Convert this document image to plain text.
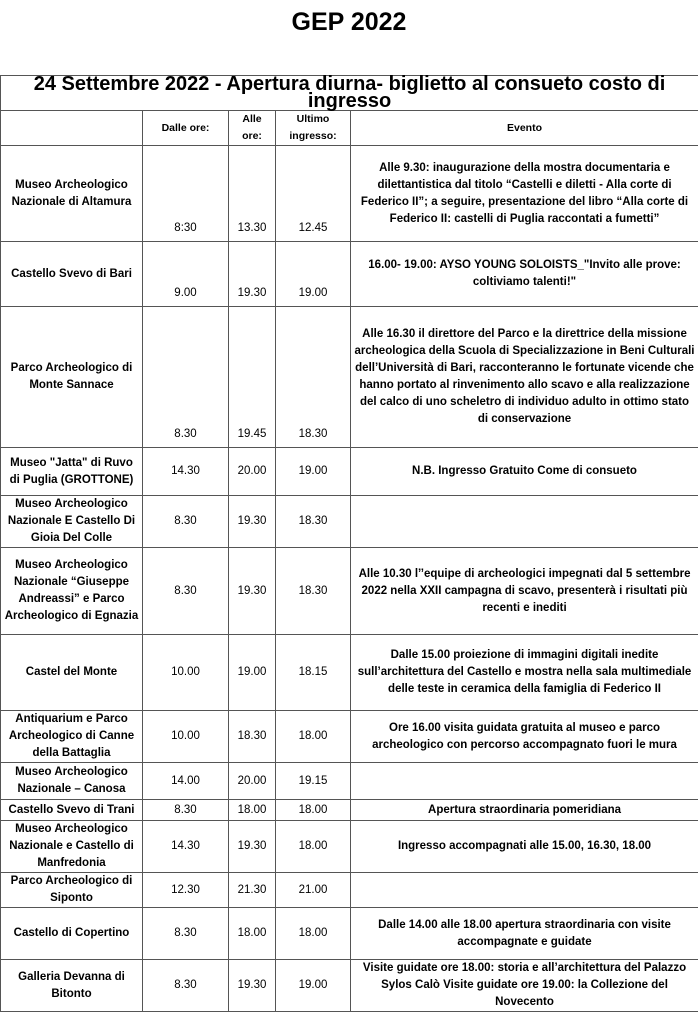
GEP 2022
24 Settembre 2022 - Apertura diurna- biglietto al consueto costo di ingresso				
	Dalle ore:	Alle ore:	Ultimo ingresso:	Evento
Museo Archeologico Nazionale di Altamura	8:30	13.30	12.45	Alle 9.30: inaugurazione della mostra documentaria e dilettantistica dal titolo “Castelli e diletti - Alla corte di Federico II”; a seguire, presentazione del libro “Alla corte di Federico II: castelli di Puglia raccontati a fumetti”
Castello Svevo di Bari	9.00	19.30	19.00	16.00- 19.00: AYSO YOUNG SOLOISTS_"Invito alle prove: coltiviamo talenti!"
Parco Archeologico di Monte Sannace	8.30	19.45	18.30	Alle 16.30 il direttore del Parco e la direttrice della missione archeologica della Scuola di Specializzazione in Beni Culturali dell’Università di Bari, racconteranno le fortunate vicende che hanno portato al rinvenimento allo scavo e alla realizzazione del calco di uno scheletro di individuo adulto in ottimo stato di conservazione
Museo "Jatta" di Ruvo di Puglia (GROTTONE)	14.30	20.00	19.00	N.B. Ingresso Gratuito Come di consueto
Museo Archeologico Nazionale E Castello Di Gioia Del Colle	8.30	19.30	18.30	
Museo Archeologico Nazionale “Giuseppe Andreassi” e Parco Archeologico di Egnazia	8.30	19.30	18.30	Alle 10.30 l’’equipe di archeologici impegnati dal 5 settembre 2022 nella XXII campagna di scavo, presenterà i risultati più recenti e inediti
Castel del Monte	10.00	19.00	18.15	Dalle 15.00 proiezione di immagini digitali inedite sull’architettura del Castello e mostra nella sala multimediale delle teste in ceramica della famiglia di Federico II
Antiquarium e Parco Archeologico di Canne della Battaglia	10.00	18.30	18.00	Ore 16.00 visita guidata gratuita al museo e parco archeologico con percorso accompagnato fuori le mura
Museo Archeologico Nazionale – Canosa	14.00	20.00	19.15	
Castello Svevo di Trani	8.30	18.00	18.00	Apertura straordinaria pomeridiana
Museo Archeologico Nazionale e Castello di Manfredonia	14.30	19.30	18.00	Ingresso accompagnati alle 15.00, 16.30, 18.00
Parco Archeologico di Siponto	12.30	21.30	21.00	
Castello di Copertino	8.30	18.00	18.00	Dalle 14.00 alle 18.00 apertura straordinaria con visite accompagnate e guidate
Galleria Devanna di Bitonto	8.30	19.30	19.00	Visite guidate ore 18.00: storia e all’architettura del Palazzo Sylos Calò Visite guidate ore 19.00: la Collezione del Novecento
